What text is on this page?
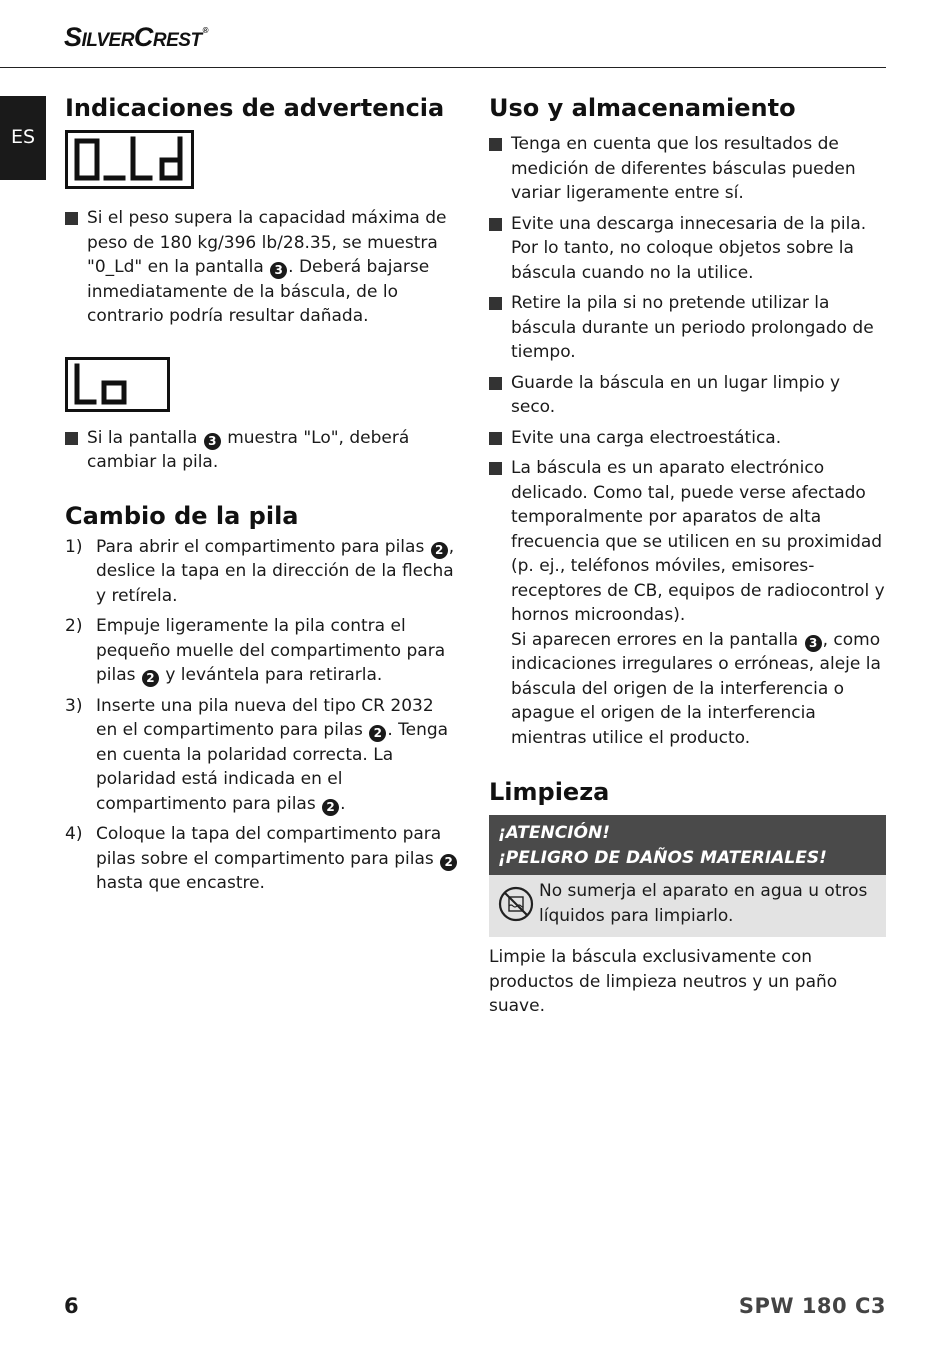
SilverCrest®
ES
Indicaciones de advertencia
Si el peso supera la capacidad máxima de peso de 180 kg/396 lb/28.35, se muestra "0_Ld" en la pantalla 3 . Deberá bajarse inmediatamente de la báscula, de lo contrario podría resultar dañada.
Si la pantalla 3 muestra "Lo", deberá cambiar la pila.
Cambio de la pila
1) Para abrir el compartimento para pilas 2 , deslice la tapa en la dirección de la flecha y retírela.
2) Empuje ligeramente la pila contra el pequeño muelle del compartimento para pilas 2 y levántela para retirarla.
3) Inserte una pila nueva del tipo CR 2032 en el compartimento para pilas 2 . Tenga en cuenta la polaridad correcta. La polaridad está indicada en el compartimento para pilas 2 .
4) Coloque la tapa del compartimento para pilas sobre el compartimento para pilas 2 hasta que encastre.
Uso y almacenamiento
Tenga en cuenta que los resultados de medición de diferentes básculas pueden variar ligeramente entre sí.
Evite una descarga innecesaria de la pila.
Por lo tanto, no coloque objetos sobre la báscula cuando no la utilice.
Retire la pila si no pretende utilizar la báscula durante un periodo prolongado de tiempo.
Guarde la báscula en un lugar limpio y seco.
Evite una carga electroestática.
La báscula es un aparato electrónico delicado. Como tal, puede verse afectado temporalmente por aparatos de alta frecuencia que se utilicen en su proximidad (p. ej., teléfonos móviles, emisores-receptores de CB, equipos de radiocontrol y hornos microondas).
Si aparecen errores en la pantalla 3 , como indicaciones irregulares o erróneas, aleje la báscula del origen de la interferencia o apague el origen de la interferencia mientras utilice el producto.
Limpieza
¡ATENCIÓN!
¡PELIGRO DE DAÑOS MATERIALES!

No sumerja el aparato en agua u otros líquidos para limpiarlo.

Limpie la báscula exclusivamente con productos de limpieza neutros y un paño suave.

6	SPW 180 C3
